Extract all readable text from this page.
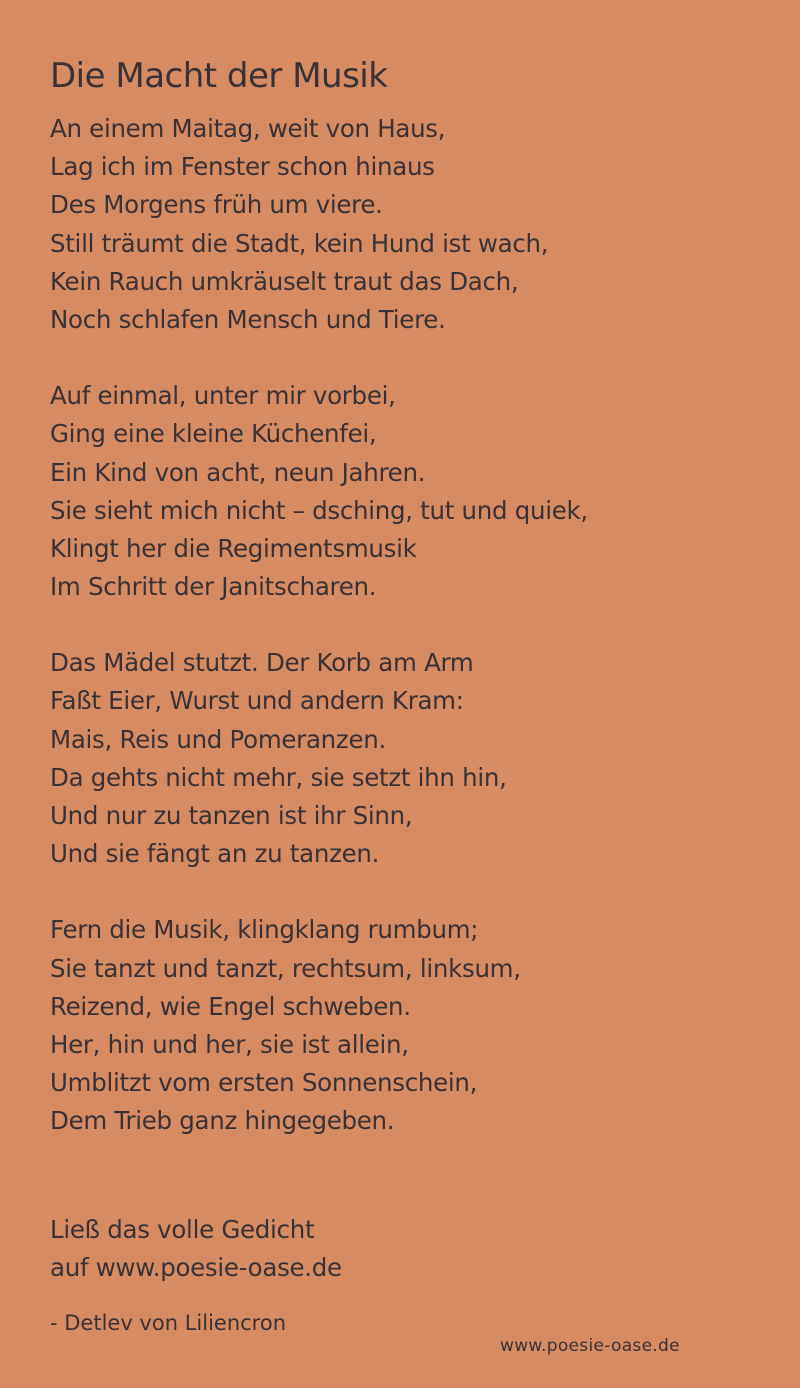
Die Macht der Musik
An einem Maitag, weit von Haus,
Lag ich im Fenster schon hinaus
Des Morgens früh um viere.
Still träumt die Stadt, kein Hund ist wach,
Kein Rauch umkräuselt traut das Dach,
Noch schlafen Mensch und Tiere.
Auf einmal, unter mir vorbei,
Ging eine kleine Küchenfei,
Ein Kind von acht, neun Jahren.
Sie sieht mich nicht – dsching, tut und quiek,
Klingt her die Regimentsmusik
Im Schritt der Janitscharen.
Das Mädel stutzt. Der Korb am Arm
Faßt Eier, Wurst und andern Kram:
Mais, Reis und Pomeranzen.
Da gehts nicht mehr, sie setzt ihn hin,
Und nur zu tanzen ist ihr Sinn,
Und sie fängt an zu tanzen.
Fern die Musik, klingklang rumbum;
Sie tanzt und tanzt, rechtsum, linksum,
Reizend, wie Engel schweben.
Her, hin und her, sie ist allein,
Umblitzt vom ersten Sonnenschein,
Dem Trieb ganz hingegeben.
Ließ das volle Gedicht
auf www.poesie-oase.de
- Detlev von Liliencron
www.poesie-oase.de
